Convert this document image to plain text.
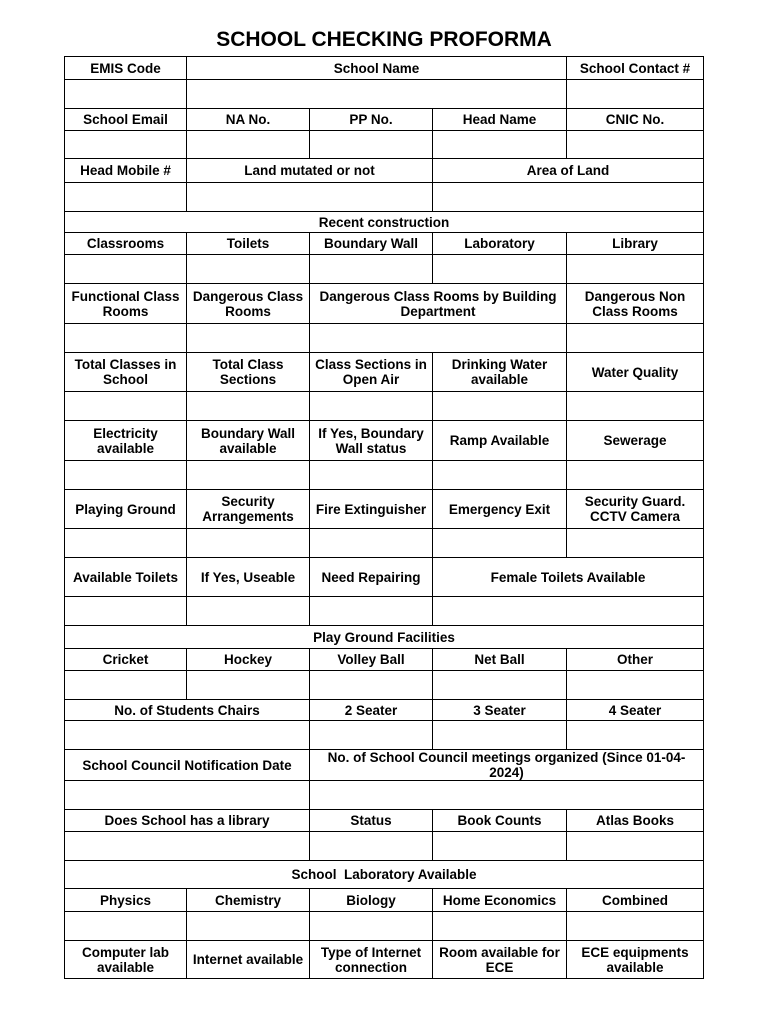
SCHOOL CHECKING PROFORMA
EMIS Code	School Name			School Contact #

School Email	NA No.	PP No.	Head Name	CNIC No.

Head Mobile #	Land mutated or not		Area of Land	

Recent construction				
Classrooms	Toilets	Boundary Wall	Laboratory	Library

Functional Class Rooms	Dangerous Class Rooms	Dangerous Class Rooms by Building Department		Dangerous Non Class Rooms

Total Classes in School	Total Class Sections	Class Sections in Open Air	Drinking Water available	Water Quality

Electricity available	Boundary Wall available	If Yes, Boundary Wall status	Ramp Available	Sewerage

Playing Ground	Security Arrangements	Fire Extinguisher	Emergency Exit	Security Guard. CCTV Camera

Available Toilets	If Yes, Useable	Need Repairing	Female Toilets Available	

Play Ground Facilities				
Cricket	Hockey	Volley Ball	Net Ball	Other

No. of Students Chairs		2 Seater	3 Seater	4 Seater

School Council Notification Date		No. of School Council meetings organized (Since 01-04-2024)		

Does School has a library		Status	Book Counts	Atlas Books

School  Laboratory Available				
Physics	Chemistry	Biology	Home Economics	Combined

Computer lab available	Internet available	Type of Internet connection	Room available for ECE	ECE equipments available
